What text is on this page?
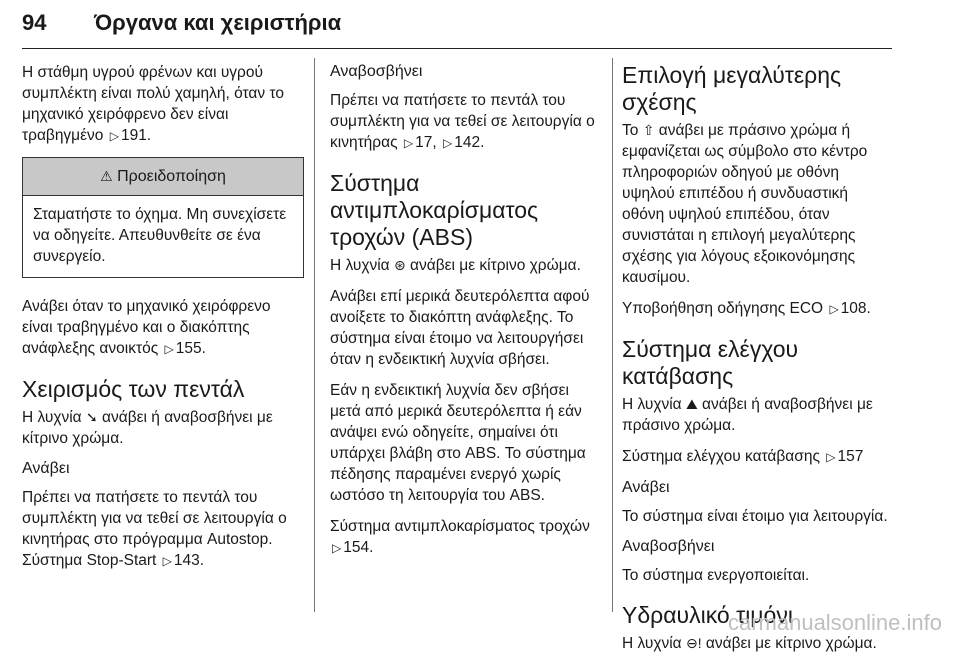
94 Όργανα και χειριστήρια

Η στάθμη υγρού φρένων και υγρού συμπλέκτη είναι πολύ χαμηλή, όταν το μηχανικό χειρόφρενο δεν είναι τραβηγμένο ▷ 191.

⚠ Προειδοποίηση
Σταματήστε το όχημα. Μη συνεχίσετε να οδηγείτε. Απευθυνθείτε σε ένα συνεργείο.

Ανάβει όταν το μηχανικό χειρόφρενο είναι τραβηγμένο και ο διακόπτης ανάφλεξης ανοικτός ▷ 155.

Χειρισμός των πεντάλ

Η λυχνία ➘ ανάβει ή αναβοσβήνει με κίτρινο χρώμα.

Ανάβει

Πρέπει να πατήσετε το πεντάλ του συμπλέκτη για να τεθεί σε λειτουργία ο κινητήρας στο πρόγραμμα Autostop.
Σύστημα Stop-Start ▷ 143.

Αναβοσβήνει

Πρέπει να πατήσετε το πεντάλ του συμπλέκτη για να τεθεί σε λειτουργία ο κινητήρας ▷ 17, ▷ 142.

Σύστημα αντιμπλοκαρίσματος τροχών (ABS)

Η λυχνία ⊛ ανάβει με κίτρινο χρώμα.

Ανάβει επί μερικά δευτερόλεπτα αφού ανοίξετε το διακόπτη ανάφλεξης. Το σύστημα είναι έτοιμο να λειτουργήσει όταν η ενδεικτική λυχνία σβήσει.

Εάν η ενδεικτική λυχνία δεν σβήσει μετά από μερικά δευτερόλεπτα ή εάν ανάψει ενώ οδηγείτε, σημαίνει ότι υπάρχει βλάβη στο ABS. Το σύστημα πέδησης παραμένει ενεργό χωρίς ωστόσο τη λειτουργία του ABS.

Σύστημα αντιμπλοκαρίσματος τροχών ▷ 154.

Επιλογή μεγαλύτερης σχέσης

Το ⇧ ανάβει με πράσινο χρώμα ή εμφανίζεται ως σύμβολο στο κέντρο πληροφοριών οδηγού με οθόνη υψηλού επιπέδου ή συνδυαστική οθόνη υψηλού επιπέδου, όταν συνιστάται η επιλογή μεγαλύτερης σχέσης για λόγους εξοικονόμησης καυσίμου.

Υποβοήθηση οδήγησης ECO ▷ 108.

Σύστημα ελέγχου κατάβασης

Η λυχνία ⛰ ανάβει ή αναβοσβήνει με πράσινο χρώμα.

Σύστημα ελέγχου κατάβασης ▷ 157

Ανάβει

Το σύστημα είναι έτοιμο για λειτουργία.

Αναβοσβήνει

Το σύστημα ενεργοποιείται.

Υδραυλικό τιμόνι

Η λυχνία ⊖! ανάβει με κίτρινο χρώμα.

carmanualsonline.info
